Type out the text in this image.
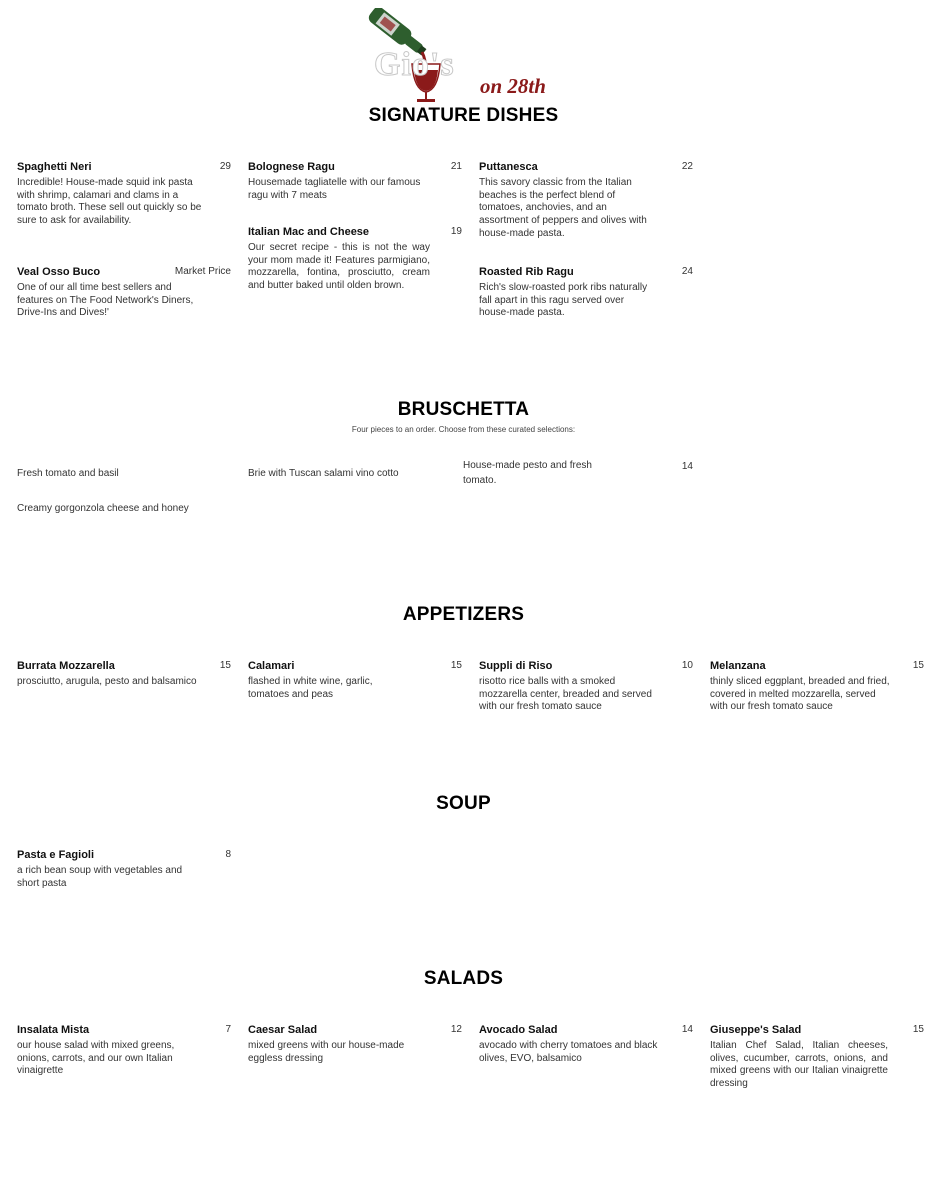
Gio's
on 28th
SIGNATURE DISHES
Spaghetti Neri	29
Incredible! House-made squid ink pasta with shrimp, calamari and clams in a tomato broth. These sell out quickly so be sure to ask for availability.
Bolognese Ragu	21
Housemade tagliatelle with our famous ragu with 7 meats
Puttanesca	22
This savory classic from the Italian beaches is the perfect blend of tomatoes, anchovies, and an assortment of peppers and olives with house-made pasta.
Italian Mac and Cheese	19
Our secret recipe - this is not the way your mom made it! Features parmigiano, mozzarella, fontina, prosciutto, cream and butter baked until olden brown.
Veal Osso Buco	Market Price
One of our all time best sellers and features on The Food Network's Diners, Drive-Ins and Dives!'
Roasted Rib Ragu	24
Rich's slow-roasted pork ribs naturally fall apart in this ragu served over house-made pasta.
BRUSCHETTA
Four pieces to an order. Choose from these curated selections:
Fresh tomato and basil	Brie with Tuscan salami vino cotto
House-made pesto and fresh tomato.
14
Creamy gorgonzola cheese and honey
APPETIZERS
Burrata Mozzarella	15
prosciutto, arugula, pesto and balsamico
Calamari	15
flashed in white wine, garlic, tomatoes and peas
Suppli di Riso	10
risotto rice balls with a smoked mozzarella center, breaded and served with our fresh tomato sauce
Melanzana	15
thinly sliced eggplant, breaded and fried, covered in melted mozzarella, served with our fresh tomato sauce
SOUP
Pasta e Fagioli	8
a rich bean soup with vegetables and short pasta
SALADS
Insalata Mista	7
our house salad with mixed greens, onions, carrots, and our own Italian vinaigrette
Caesar Salad	12
mixed greens with our house-made eggless dressing
Avocado Salad	14
avocado with cherry tomatoes and black olives, EVO, balsamico
Giuseppe's Salad	15
Italian Chef Salad, Italian cheeses, olives, cucumber, carrots, onions, and mixed greens with our Italian vinaigrette dressing
